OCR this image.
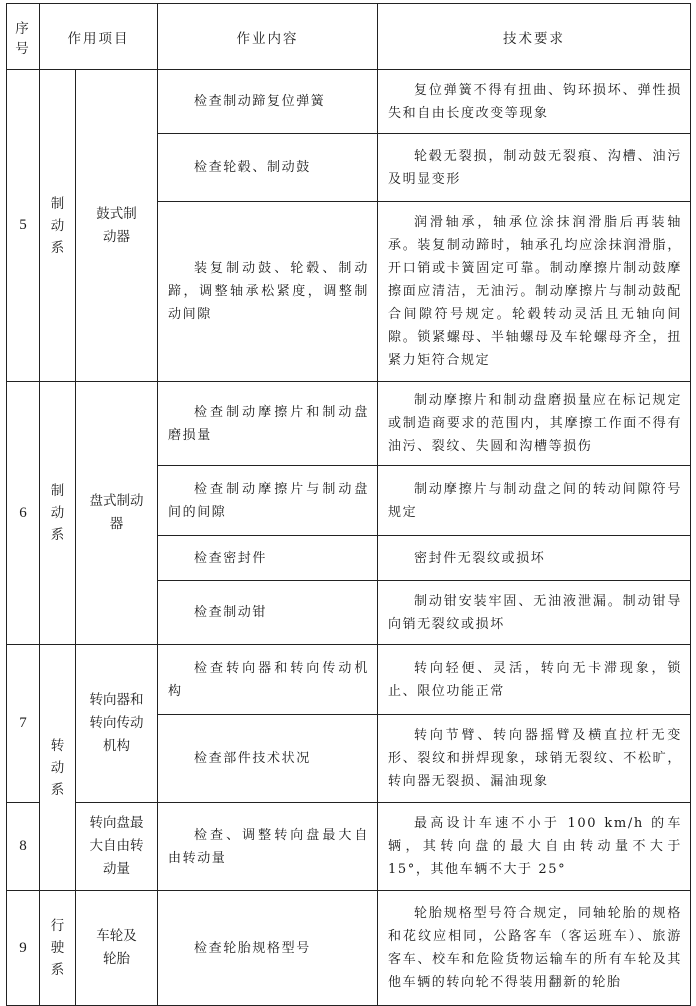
序号	作用项目		作业内容	技术要求
5	制动系	鼓式制动器	检查制动蹄复位弹簧	复位弹簧不得有扭曲、钩环损坏、弹性损失和自由长度改变等现象

			检查轮毂、制动鼓	轮毂无裂损，制动鼓无裂痕、沟槽、油污及明显变形

			装复制动鼓、轮毂、制动蹄，调整轴承松紧度，调整制动间隙	润滑轴承，轴承位涂抹润滑脂后再装轴承。装复制动蹄时，轴承孔均应涂抹润滑脂，开口销或卡簧固定可靠。制动摩擦片制动鼓摩擦面应清洁，无油污。制动摩擦片与制动鼓配合间隙符号规定。轮毂转动灵活且无轴向间隙。锁紧螺母、半轴螺母及车轮螺母齐全，扭紧力矩符合规定

6	制动系	盘式制动器	检查制动摩擦片和制动盘磨损量	制动摩擦片和制动盘磨损量应在标记规定或制造商要求的范围内，其摩擦工作面不得有油污、裂纹、失圆和沟槽等损伤

			检查制动摩擦片与制动盘间的间隙	制动摩擦片与制动盘之间的转动间隙符号规定

			检查密封件	密封件无裂纹或损坏

			检查制动钳	制动钳安装牢固、无油液泄漏。制动钳导向销无裂纹或损坏

7	转动系	转向器和转向传动机构	检查转向器和转向传动机构	转向轻便、灵活，转向无卡滞现象，锁止、限位功能正常

			检查部件技术状况	转向节臂、转向器摇臂及横直拉杆无变形、裂纹和拼焊现象，球销无裂纹、不松旷，转向器无裂损、漏油现象

8		转向盘最大自由转动量	检查、调整转向盘最大自由转动量	最高设计车速不小于 100 km/h 的车辆，其转向盘的最大自由转动量不大于 15°，其他车辆不大于 25°

9	行驶系	车轮及轮胎	检查轮胎规格型号	轮胎规格型号符合规定，同轴轮胎的规格和花纹应相同，公路客车（客运班车）、旅游客车、校车和危险货物运输车的所有车轮及其他车辆的转向轮不得装用翻新的轮胎
